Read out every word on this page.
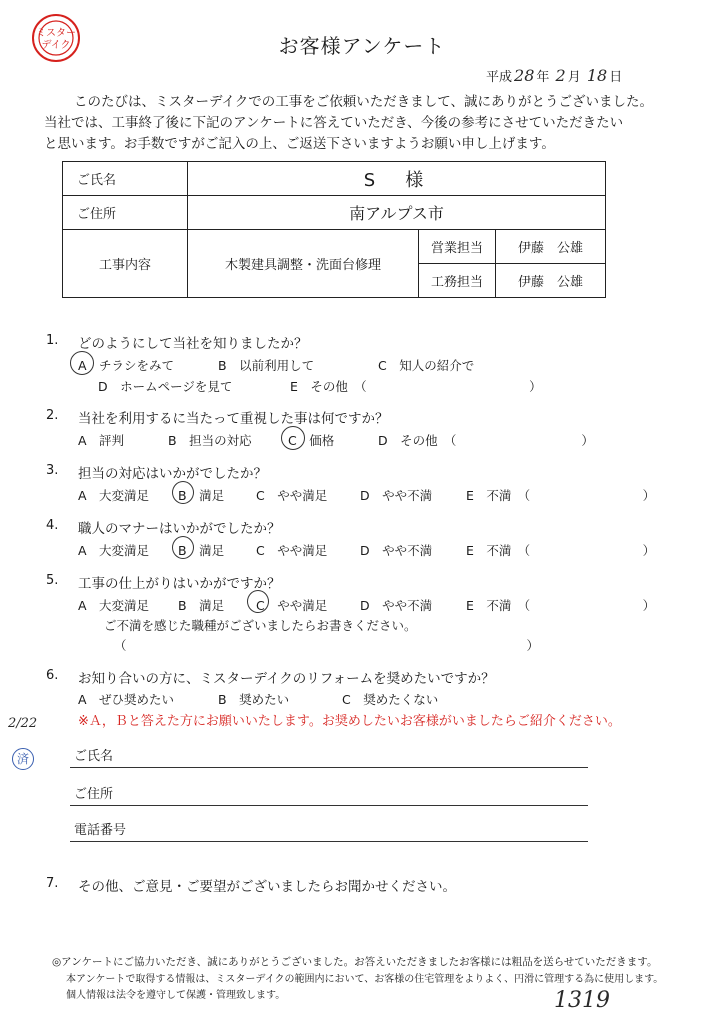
ミスター
デイク	お客様アンケート
平成 28 年 2 月 18 日
このたびは、ミスターデイクでの工事をご依頼いただきまして、誠にありがとうございました。
当社では、工事終了後に下記のアンケートに答えていただき、今後の参考にさせていただきたい
と思います。お手数ですがご記入の上、ご返送下さいますようお願い申し上げます。
ご氏名	S　様		
ご住所	南アルプス市		
工事内容	木製建具調整・洗面台修理	営業担当	伊藤　公雄
		工務担当	伊藤　公雄
1. どのようにして当社を知りましたか？
A　チラシをみて	B　以前利用して	C　知人の紹介で
D　ホームページを見て	E　その他　（　　　　　　　　　　　　　）
2. 当社を利用するに当たって重視した事は何ですか？
A　評判	B　担当の対応	C　価格	D　その他　（　　　　　　　　　　）
3. 担当の対応はいかがでしたか？
A　大変満足 B　満足	C　やや満足	D　やや不満	E　不満　（　　　　　　　　　）
4. 職人のマナーはいかがでしたか？
A　大変満足 B　満足	C　やや満足	D　やや不満	E　不満　（　　　　　　　　　）
5. 工事の仕上がりはいかがですか？
A　大変満足 B　満足	C　やや満足	D　やや不満	E　不満　（　　　　　　　　　）
ご不満を感じた職種がございましたらお書きください。
（　　　　　　　　　　　　　　　　　　　　　　　　　　　　　　　　）
6. お知り合いの方に、ミスターデイクのリフォームを奨めたいですか？
A　ぜひ奨めたい	B　奨めたい	C　奨めたくない
※Ａ，Ｂと答えた方にお願いいたします。お奨めしたいお客様がいましたらご紹介ください。
2/22
済	ご氏名
ご住所
電話番号
7. その他、ご意見・ご要望がございましたらお聞かせください。
◎アンケートにご協力いただき、誠にありがとうございました。お答えいただきましたお客様には粗品を送らせていただきます。
本アンケートで取得する情報は、ミスターデイクの範囲内において、お客様の住宅管理をよりよく、円滑に管理する為に使用します。
個人情報は法令を遵守して保護・管理致します。	1319
